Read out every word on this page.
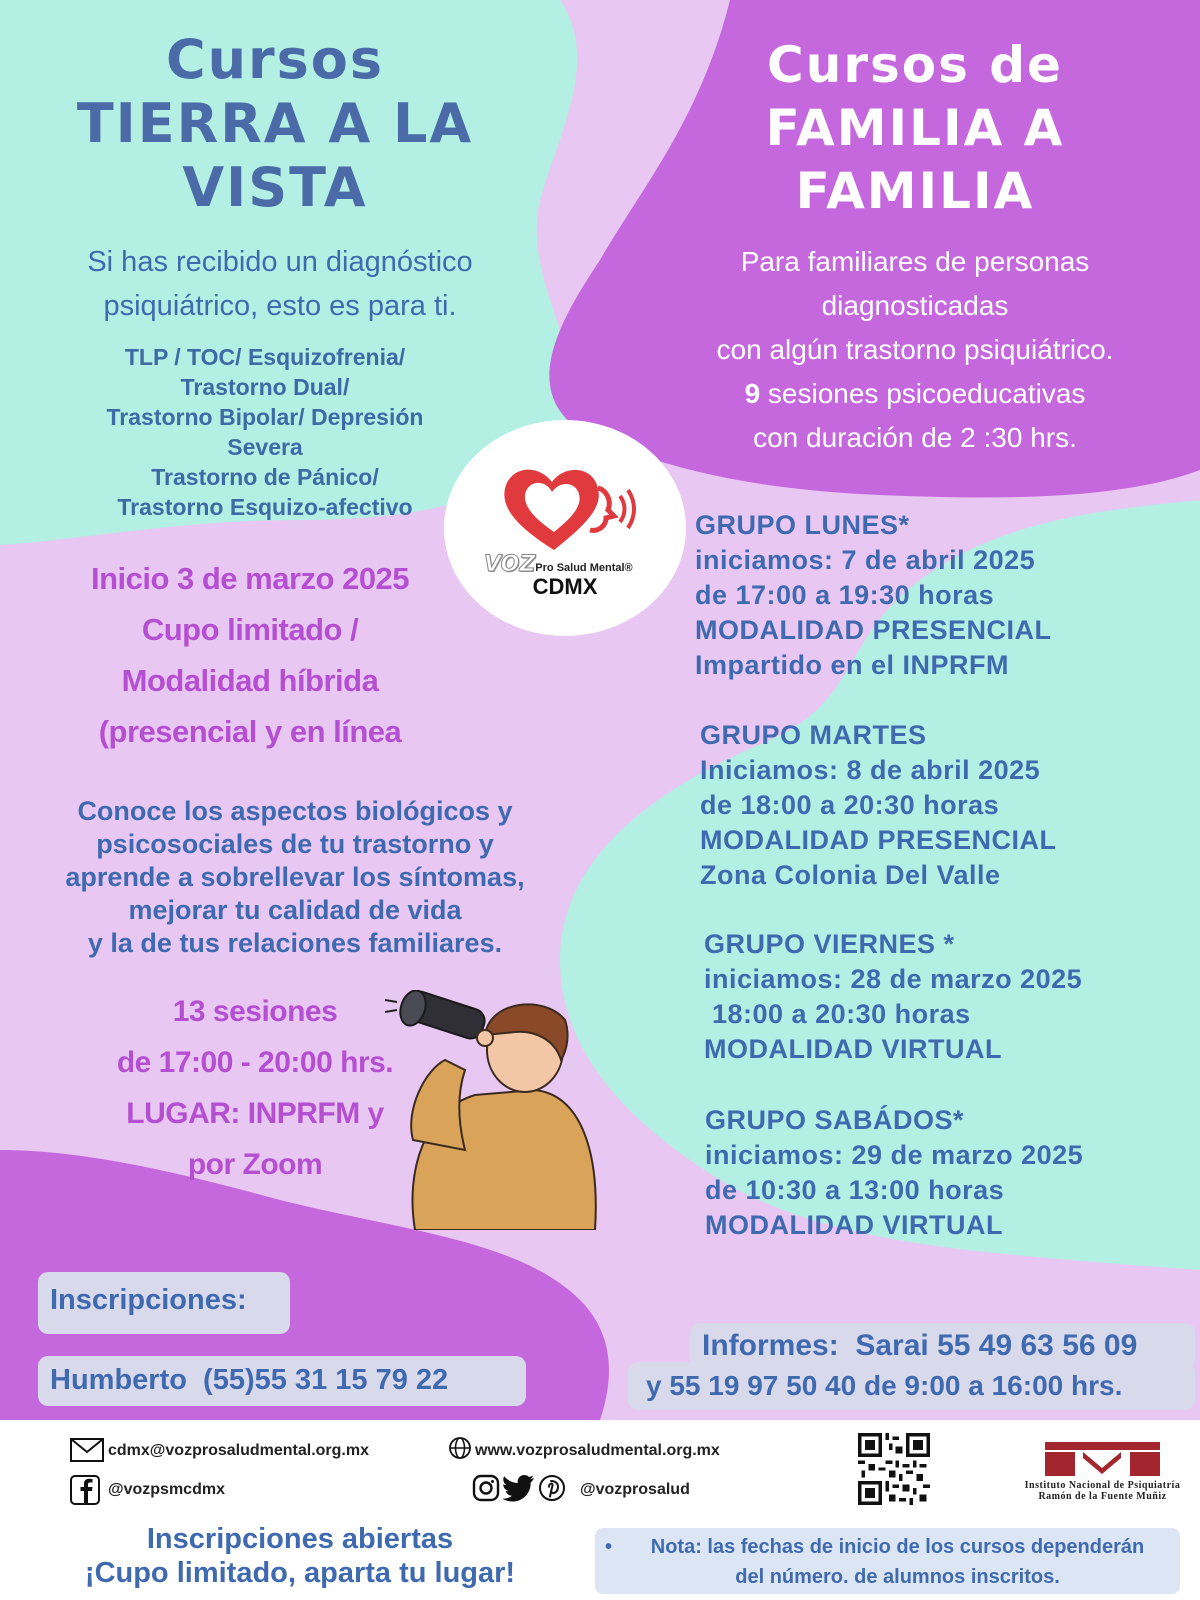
Cursos
TIERRA A LA
VISTA
Si has recibido un diagnóstico
psiquiátrico, esto es para ti.
TLP / TOC/ Esquizofrenia/
Trastorno Dual/
Trastorno Bipolar/ Depresión
Severa
Trastorno de Pánico/
Trastorno Esquizo-afectivo
Inicio 3 de marzo 2025
Cupo limitado /
Modalidad híbrida
(presencial y en línea
Conoce los aspectos biológicos y
psicosociales de tu trastorno y
aprende a sobrellevar los síntomas,
mejorar tu calidad de vida
y la de tus relaciones familiares.
13 sesiones
de 17:00 - 20:00 hrs.
LUGAR: INPRFM y
por Zoom
VOZPro Salud Mental®
CDMX
Cursos de
FAMILIA A
FAMILIA
Para familiares de personas
diagnosticadas
con algún trastorno psiquiátrico.
9 sesiones psicoeducativas
con duración de 2 :30 hrs.
GRUPO LUNES*
iniciamos: 7 de abril 2025
de 17:00 a 19:30 horas
MODALIDAD PRESENCIAL
Impartido en el INPRFM
GRUPO MARTES
Iniciamos: 8 de abril 2025
de 18:00 a 20:30 horas
MODALIDAD PRESENCIAL
Zona Colonia Del Valle
GRUPO VIERNES *
iniciamos: 28 de marzo 2025
18:00 a 20:30 horas
MODALIDAD VIRTUAL
GRUPO SABÁDOS*
iniciamos: 29 de marzo 2025
de 10:30 a 13:00 horas
MODALIDAD VIRTUAL
Inscripciones:
Humberto  (55)55 31 15 79 22
Informes:  Sarai 55 49 63 56 09
y 55 19 97 50 40 de 9:00 a 16:00 hrs.
cdmx@vozprosaludmental.org.mx	www.vozprosaludmental.org.mx
@vozpsmcdmx	@vozprosalud	Instituto Nacional de Psiquiatría
Ramón de la Fuente Muñiz
Inscripciones abiertas
¡Cupo limitado, aparta tu lugar!
•	Nota: las fechas de inicio de los cursos dependerán
del número. de alumnos inscritos.
